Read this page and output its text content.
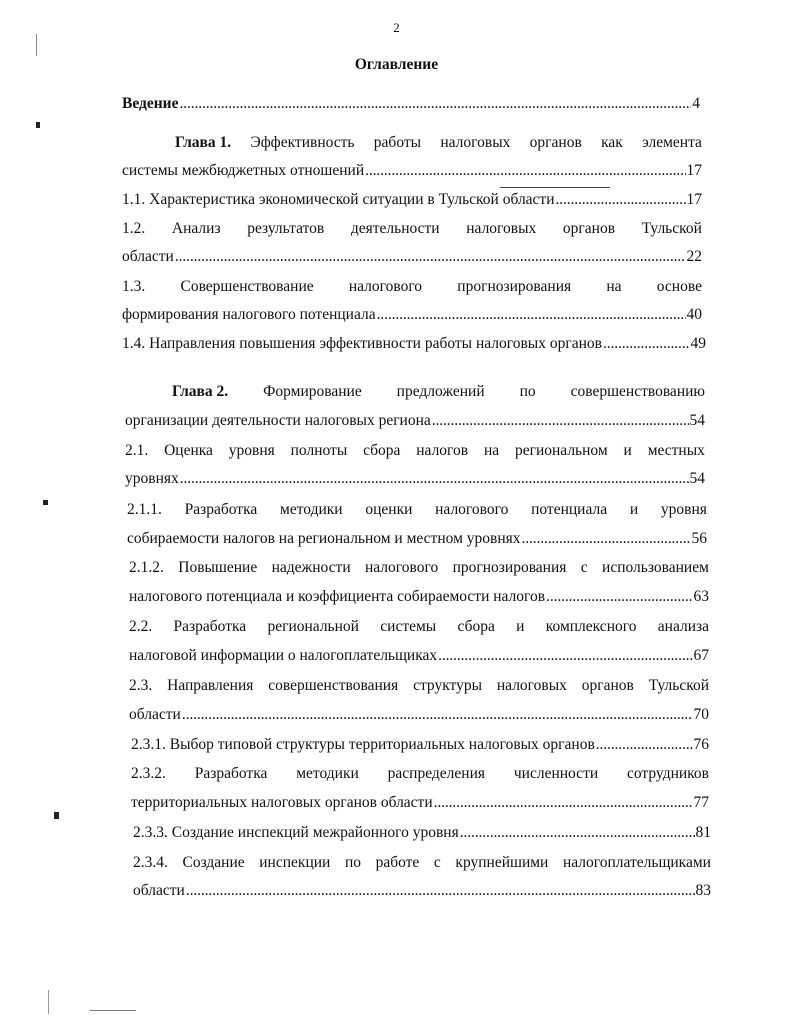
2
Оглавление
Ведение . . .	4
Глава 1. Эффективность работы налоговых органов как элемента
системы межбюджетных отношений . . .	17
1.1. Характеристика экономической ситуации в Тульской области . . .	17
1.2. Анализ результатов деятельности налоговых органов Тульской
области . . .	22
1.3. Совершенствование налогового прогнозирования на основе
формирования налогового потенциала . . .	40
1.4. Направления повышения эффективности работы налоговых органов . . .	49
Глава 2. Формирование предложений по совершенствованию
организации деятельности налоговых региона . . .	54
2.1. Оценка уровня полноты сбора налогов на региональном и местных
уровнях . . .	54
2.1.1. Разработка методики оценки налогового потенциала и уровня
собираемости налогов на региональном и местном уровнях . . .	56
2.1.2. Повышение надежности налогового прогнозирования с использованием
налогового потенциала и коэффициента собираемости налогов . . .	63
2.2. Разработка региональной системы сбора и комплексного анализа
налоговой информации о налогоплательщиках . . .	67
2.3. Направления совершенствования структуры налоговых органов Тульской
области . . .	70
2.3.1. Выбор типовой структуры территориальных налоговых органов . . .	76
2.3.2. Разработка методики распределения численности сотрудников
территориальных налоговых органов области . . .	77
2.3.3. Создание инспекций межрайонного уровня . . .	81
2.3.4. Создание инспекции по работе с крупнейшими налогоплательщиками
области . . .	83
